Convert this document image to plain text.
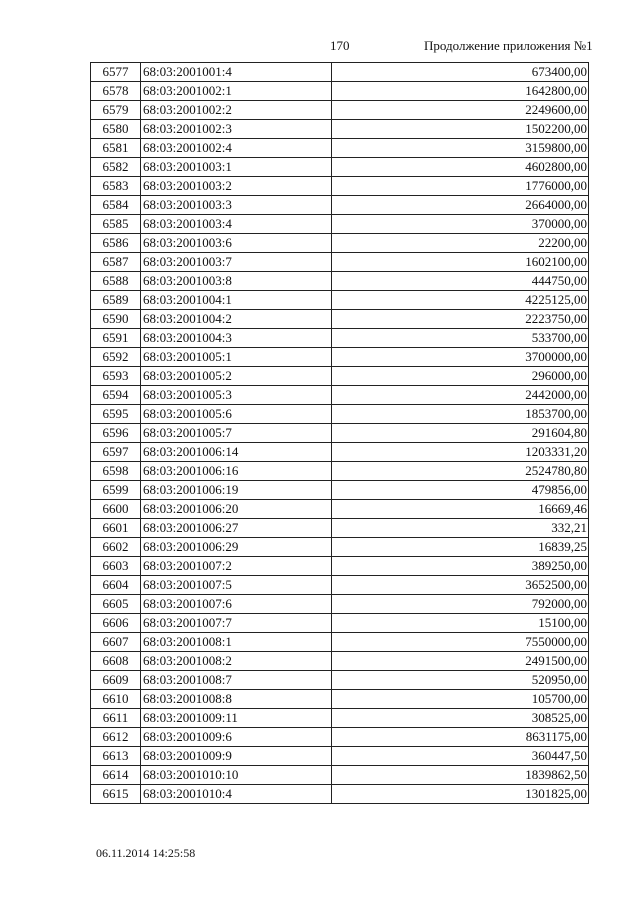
170	Продолжение приложения №1
6577	68:03:2001001:4	673400,00
6578	68:03:2001002:1	1642800,00
6579	68:03:2001002:2	2249600,00
6580	68:03:2001002:3	1502200,00
6581	68:03:2001002:4	3159800,00
6582	68:03:2001003:1	4602800,00
6583	68:03:2001003:2	1776000,00
6584	68:03:2001003:3	2664000,00
6585	68:03:2001003:4	370000,00
6586	68:03:2001003:6	22200,00
6587	68:03:2001003:7	1602100,00
6588	68:03:2001003:8	444750,00
6589	68:03:2001004:1	4225125,00
6590	68:03:2001004:2	2223750,00
6591	68:03:2001004:3	533700,00
6592	68:03:2001005:1	3700000,00
6593	68:03:2001005:2	296000,00
6594	68:03:2001005:3	2442000,00
6595	68:03:2001005:6	1853700,00
6596	68:03:2001005:7	291604,80
6597	68:03:2001006:14	1203331,20
6598	68:03:2001006:16	2524780,80
6599	68:03:2001006:19	479856,00
6600	68:03:2001006:20	16669,46
6601	68:03:2001006:27	332,21
6602	68:03:2001006:29	16839,25
6603	68:03:2001007:2	389250,00
6604	68:03:2001007:5	3652500,00
6605	68:03:2001007:6	792000,00
6606	68:03:2001007:7	15100,00
6607	68:03:2001008:1	7550000,00
6608	68:03:2001008:2	2491500,00
6609	68:03:2001008:7	520950,00
6610	68:03:2001008:8	105700,00
6611	68:03:2001009:11	308525,00
6612	68:03:2001009:6	8631175,00
6613	68:03:2001009:9	360447,50
6614	68:03:2001010:10	1839862,50
6615	68:03:2001010:4	1301825,00
06.11.2014 14:25:58
